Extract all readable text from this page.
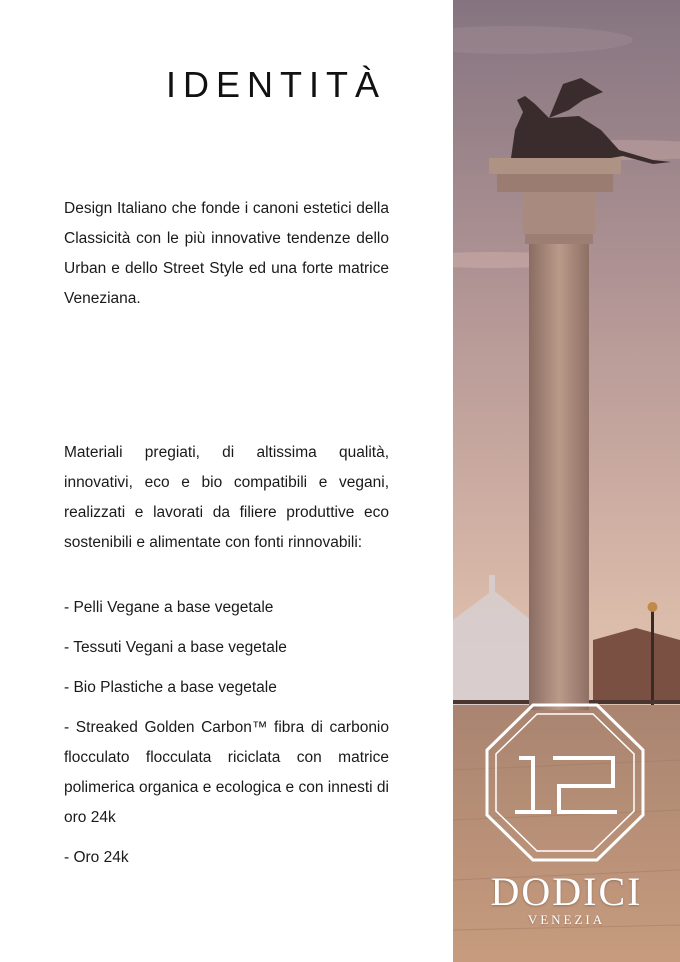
IDENTITÀ

Design Italiano che fonde i canoni estetici della Classicità con le più innovative tendenze dello Urban e dello Street Style ed una forte matrice Veneziana.

Materiali pregiati, di altissima qualità, innovativi, eco e bio compatibili e vegani, realizzati e lavorati da filiere produttive eco sostenibili e alimentate con fonti rinnovabili:

- Pelli Vegane a base vegetale

- Tessuti Vegani a base vegetale

- Bio Plastiche a base vegetale

- Streaked Golden Carbon™ fibra di carbonio flocculato flocculata riciclata con matrice polimerica organica e ecologica e con innesti di oro 24k

- Oro 24k

DODICI
VENEZIA
